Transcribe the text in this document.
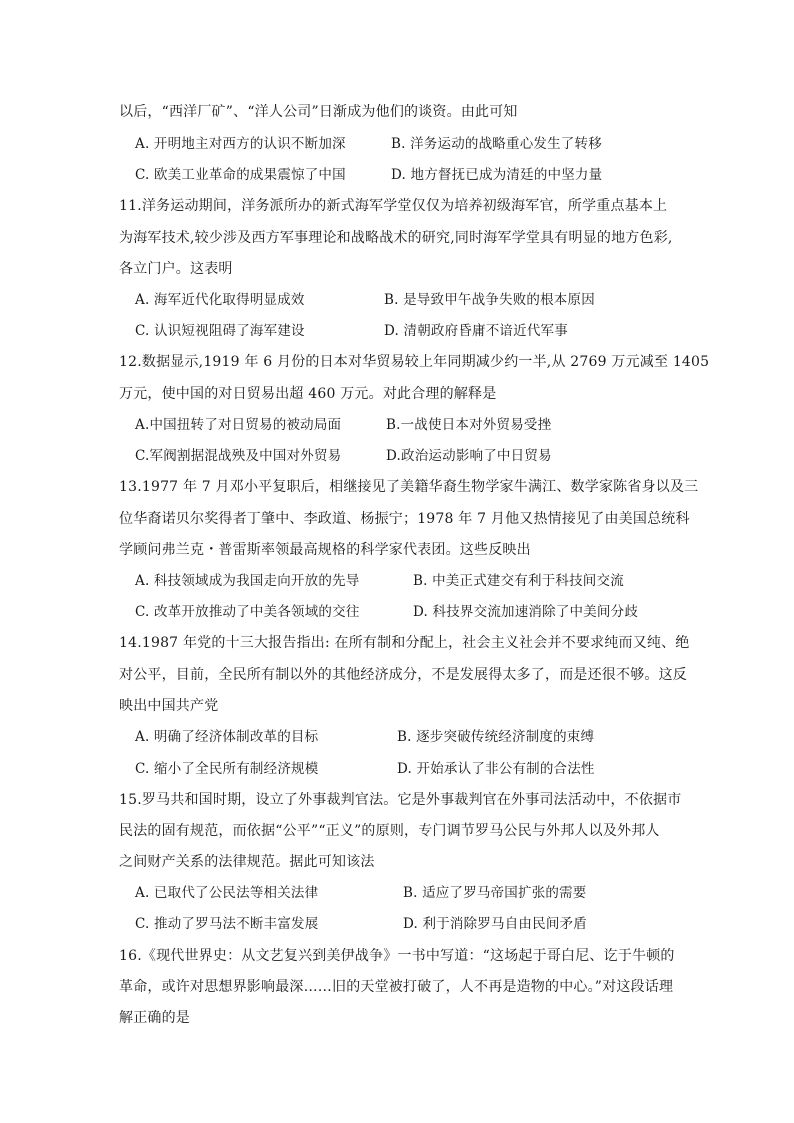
以后，“西洋厂矿”、“洋人公司”日渐成为他们的谈资。由此可知
A. 开明地主对西方的认识不断加深	B. 洋务运动的战略重心发生了转移
C. 欧美工业革命的成果震惊了中国	D. 地方督抚已成为清廷的中坚力量
11.洋务运动期间，洋务派所办的新式海军学堂仅仅为培养初级海军官，所学重点基本上
为海军技术,较少涉及西方军事理论和战略战术的研究,同时海军学堂具有明显的地方色彩,
各立门户。这表明
A. 海军近代化取得明显成效	B. 是导致甲午战争失败的根本原因
C. 认识短视阻碍了海军建设	D. 清朝政府昏庸不谙近代军事
12.数据显示,1919 年 6 月份的日本对华贸易较上年同期减少约一半,从 2769 万元减至 1405
万元，使中国的对日贸易出超 460 万元。对此合理的解释是
A.中国扭转了对日贸易的被动局面	B.一战使日本对外贸易受挫
C.军阀割据混战殃及中国对外贸易	D.政治运动影响了中日贸易
13.1977 年 7 月邓小平复职后，相继接见了美籍华裔生物学家牛满江、数学家陈省身以及三
位华裔诺贝尔奖得者丁肇中、李政道、杨振宁；1978 年 7 月他又热情接见了由美国总统科
学顾问弗兰克・普雷斯率领最高规格的科学家代表团。这些反映出
A. 科技领域成为我国走向开放的先导	B. 中美正式建交有利于科技间交流
C. 改革开放推动了中美各领域的交往	D. 科技界交流加速消除了中美间分歧
14.1987 年党的十三大报告指出: 在所有制和分配上，社会主义社会并不要求纯而又纯、绝
对公平，目前，全民所有制以外的其他经济成分，不是发展得太多了，而是还很不够。这反
映出中国共产党
A. 明确了经济体制改革的目标	B. 逐步突破传统经济制度的束缚
C. 缩小了全民所有制经济规模	D. 开始承认了非公有制的合法性
15.罗马共和国时期，设立了外事裁判官法。它是外事裁判官在外事司法活动中，不依据市
民法的固有规范，而依据“公平”“正义”的原则，专门调节罗马公民与外邦人以及外邦人
之间财产关系的法律规范。据此可知该法
A. 已取代了公民法等相关法律	B. 适应了罗马帝国扩张的需要
C. 推动了罗马法不断丰富发展	D. 利于消除罗马自由民间矛盾
16.《现代世界史：从文艺复兴到美伊战争》一书中写道：“这场起于哥白尼、讫于牛顿的
革命，或许对思想界影响最深……旧的天堂被打破了，人不再是造物的中心。”对这段话理
解正确的是
